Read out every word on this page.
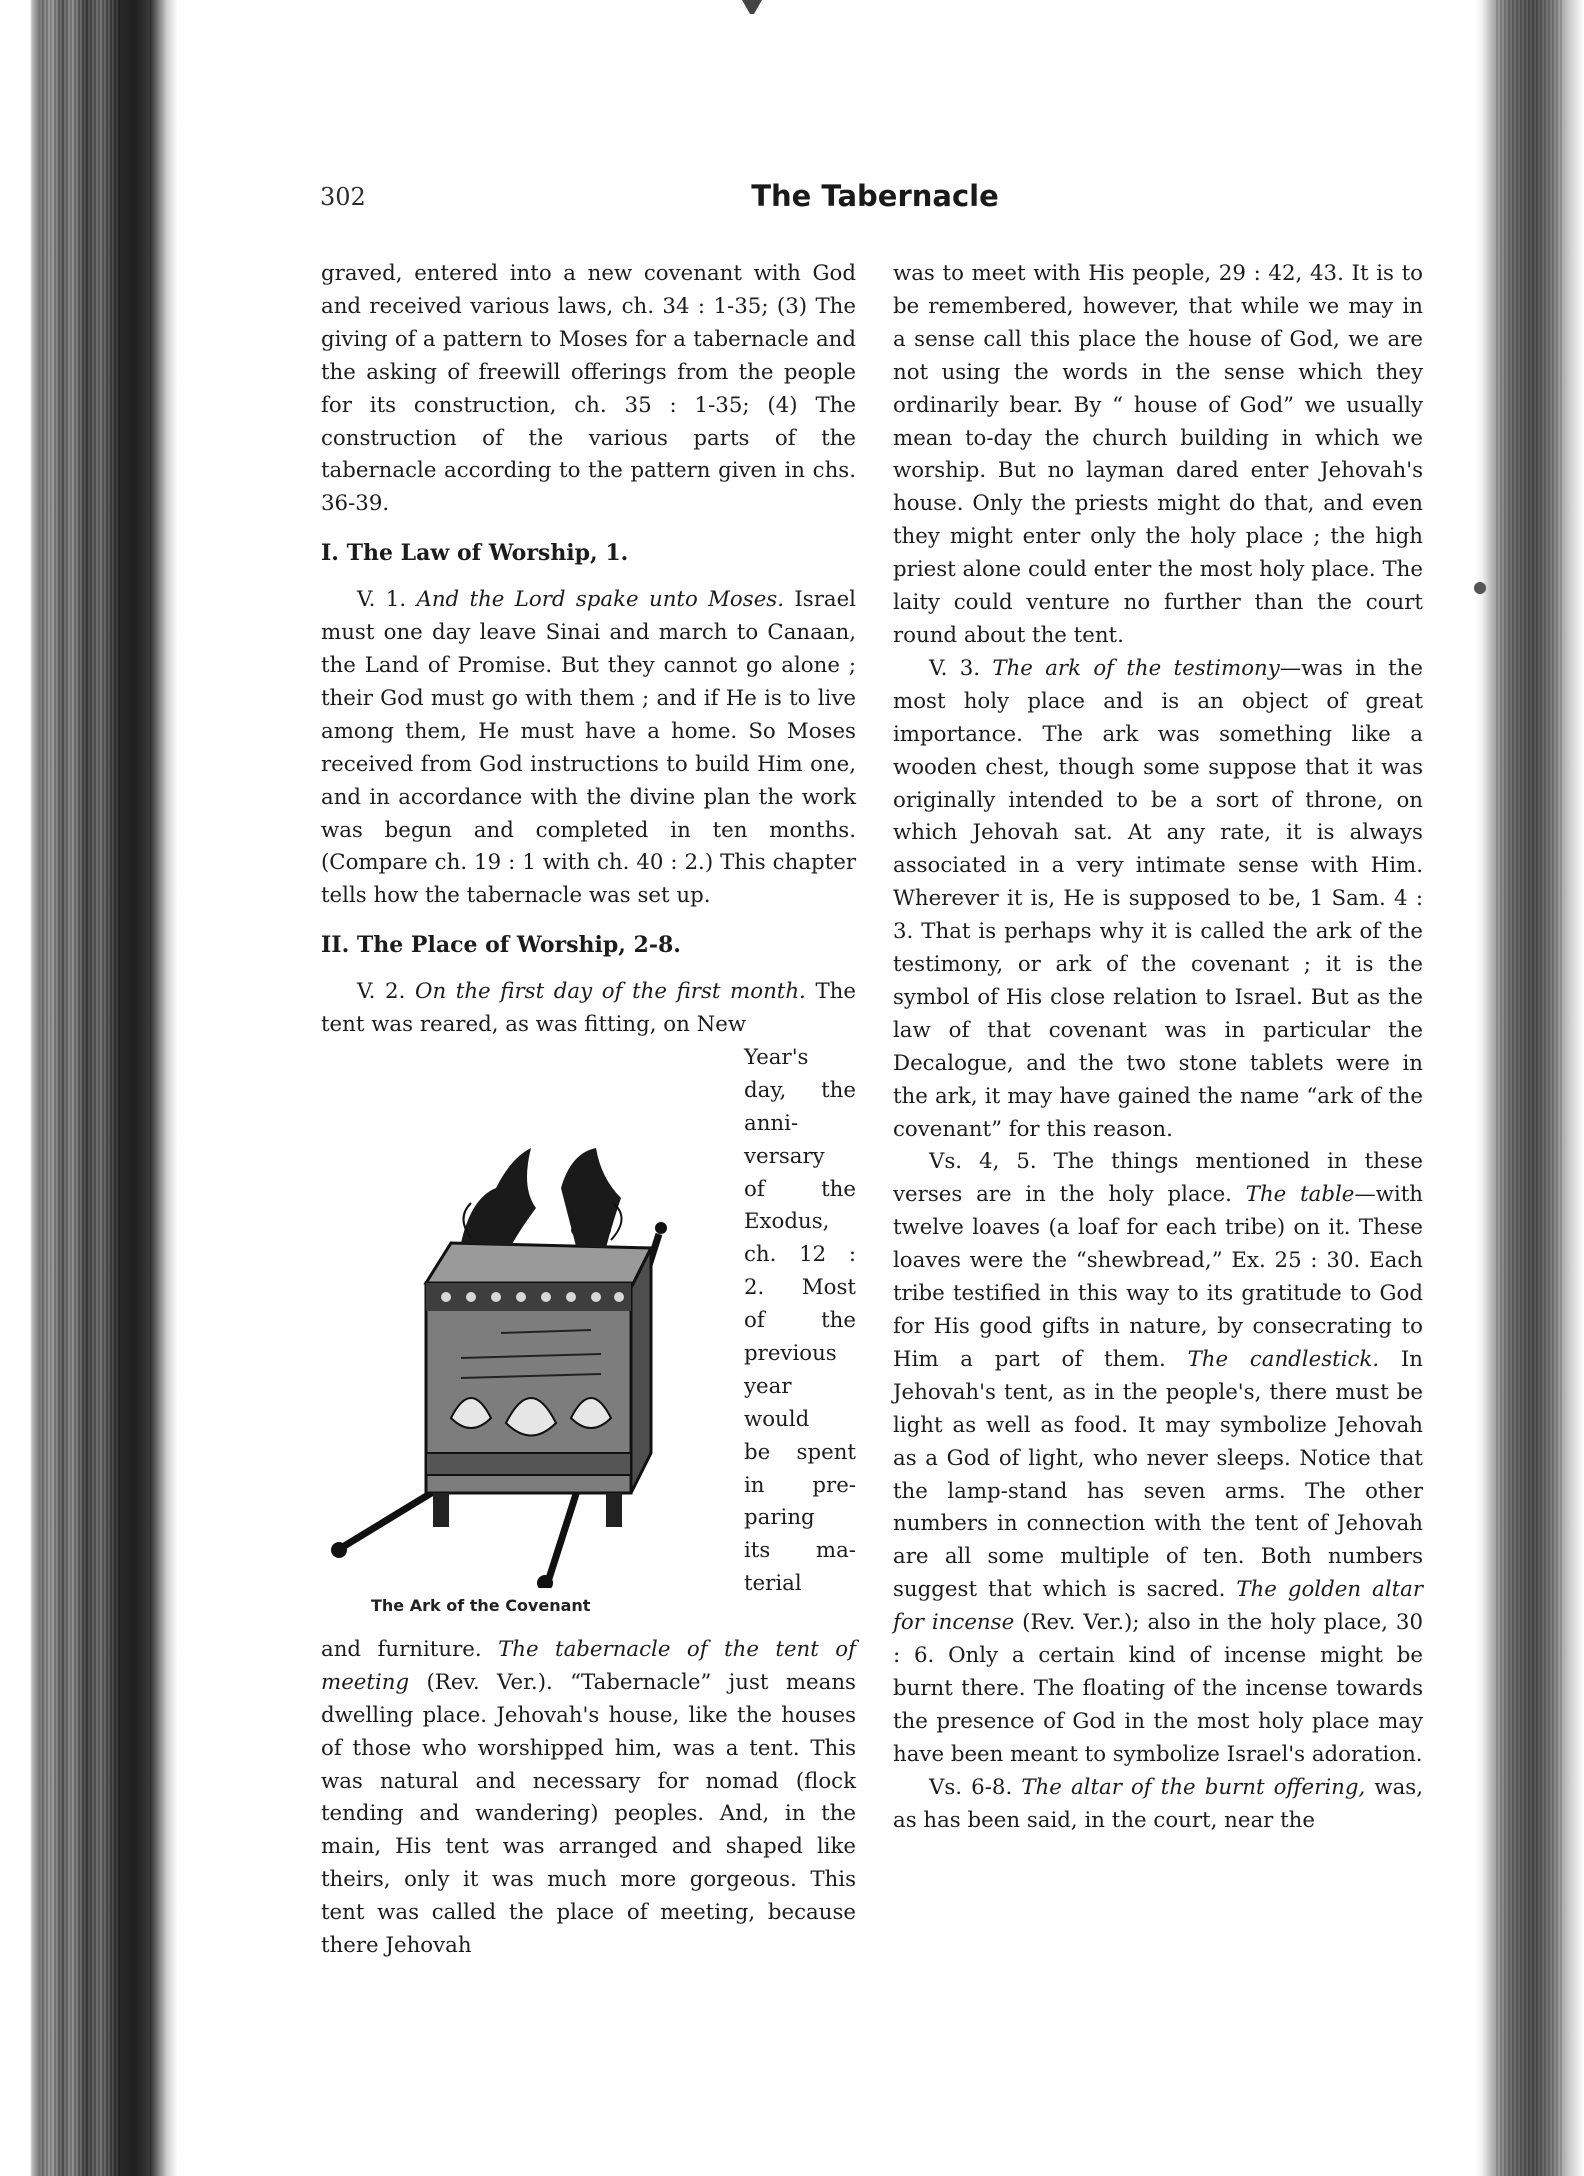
302	The Tabernacle

graved, entered into a new covenant with God and received various laws, ch. 34 : 1-35; (3) The giving of a pattern to Moses for a tabernacle and the asking of freewill offerings from the people for its construction, ch. 35 : 1-35; (4) The construction of the various parts of the tabernacle according to the pattern given in chs. 36-39.

I. The Law of Worship, 1.

V. 1. And the Lord spake unto Moses. Israel must one day leave Sinai and march to Canaan, the Land of Promise. But they cannot go alone ; their God must go with them ; and if He is to live among them, He must have a home. So Moses received from God instructions to build Him one, and in accordance with the divine plan the work was begun and completed in ten months. (Compare ch. 19 : 1 with ch. 40 : 2.) This chapter tells how the tabernacle was set up.

II. The Place of Worship, 2-8.

V. 2. On the first day of the first month. The tent was reared, as was fitting, on New

The Ark of the Covenant
Year's
day, the
anni-
versary
of the
Exodus,
ch. 12 :
2. Most
of the
previous
year
would
be spent
in pre-
paring
its ma-
terial

and furniture. The tabernacle of the tent of meeting (Rev. Ver.). “Tabernacle” just means dwelling place. Jehovah's house, like the houses of those who worshipped him, was a tent. This was natural and necessary for nomad (flock tending and wandering) peoples. And, in the main, His tent was arranged and shaped like theirs, only it was much more gorgeous. This tent was called the place of meeting, because there Jehovah

was to meet with His people, 29 : 42, 43. It is to be remembered, however, that while we may in a sense call this place the house of God, we are not using the words in the sense which they ordinarily bear. By “ house of God” we usually mean to-day the church building in which we worship. But no layman dared enter Jehovah's house. Only the priests might do that, and even they might enter only the holy place ; the high priest alone could enter the most holy place. The laity could venture no further than the court round about the tent.

V. 3. The ark of the testimony—was in the most holy place and is an object of great importance. The ark was something like a wooden chest, though some suppose that it was originally intended to be a sort of throne, on which Jehovah sat. At any rate, it is always associated in a very intimate sense with Him. Wherever it is, He is supposed to be, 1 Sam. 4 : 3. That is perhaps why it is called the ark of the testimony, or ark of the covenant ; it is the symbol of His close relation to Israel. But as the law of that covenant was in particular the Decalogue, and the two stone tablets were in the ark, it may have gained the name “ark of the covenant” for this reason.

Vs. 4, 5. The things mentioned in these verses are in the holy place. The table—with twelve loaves (a loaf for each tribe) on it. These loaves were the “shewbread,” Ex. 25 : 30. Each tribe testified in this way to its gratitude to God for His good gifts in nature, by consecrating to Him a part of them. The candlestick. In Jehovah's tent, as in the people's, there must be light as well as food. It may symbolize Jehovah as a God of light, who never sleeps. Notice that the lamp-stand has seven arms. The other numbers in connection with the tent of Jehovah are all some multiple of ten. Both numbers suggest that which is sacred. The golden altar for incense (Rev. Ver.); also in the holy place, 30 : 6. Only a certain kind of incense might be burnt there. The floating of the incense towards the presence of God in the most holy place may have been meant to symbolize Israel's adoration.

Vs. 6-8. The altar of the burnt offering, was, as has been said, in the court, near the
